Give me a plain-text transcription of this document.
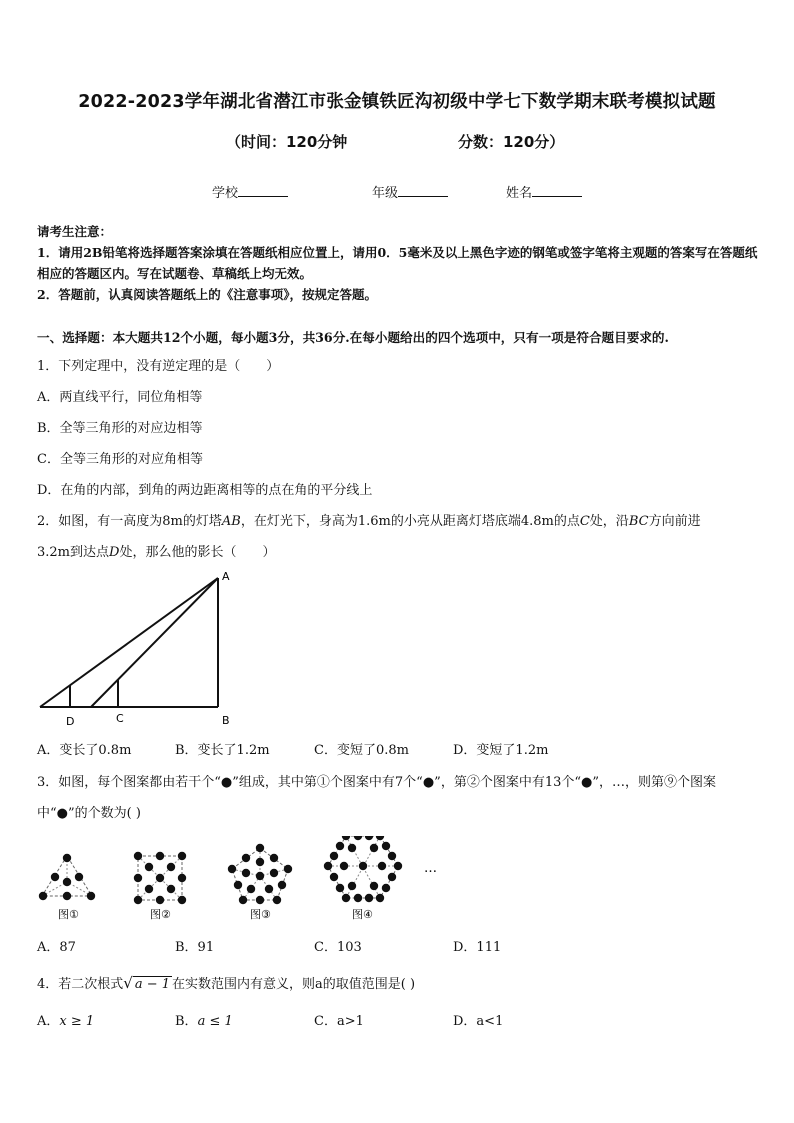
2022-2023学年湖北省潜江市张金镇铁匠沟初级中学七下数学期末联考模拟试题
（时间：120分钟	分数：120分）
学校	年级	姓名
请考生注意：
1．请用2B铅笔将选择题答案涂填在答题纸相应位置上，请用0．5毫米及以上黑色字迹的钢笔或签字笔将主观题的答案写在答题纸相应的答题区内。写在试题卷、草稿纸上均无效。
2．答题前，认真阅读答题纸上的《注意事项》，按规定答题。
一、选择题：本大题共12个小题，每小题3分，共36分.在每小题给出的四个选项中，只有一项是符合题目要求的.
1．下列定理中，没有逆定理的是（　　）
A．两直线平行，同位角相等
B．全等三角形的对应边相等
C．全等三角形的对应角相等
D．在角的内部，到角的两边距离相等的点在角的平分线上
2．如图，有一高度为8m的灯塔AB，在灯光下，身高为1.6m的小亮从距离灯塔底端4.8m的点C处，沿BC方向前进
3.2m到达点D处，那么他的影长（　　）
A
B
C
D
A．变长了0.8m	B．变长了1.2m	C．变短了0.8m	D．变短了1.2m
3．如图，每个图案都由若干个“●”组成，其中第①个图案中有7个“●”，第②个图案中有13个“●”，…，则第⑨个图案
中“●”的个数为( )
图①	图②	图③	图④
…
A．87	B．91	C．103	D．111
4．若二次根式√ a − 1 在实数范围内有意义，则a的取值范围是( )
A．x ≥ 1	B．a ≤ 1	C．a>1	D．a<1
